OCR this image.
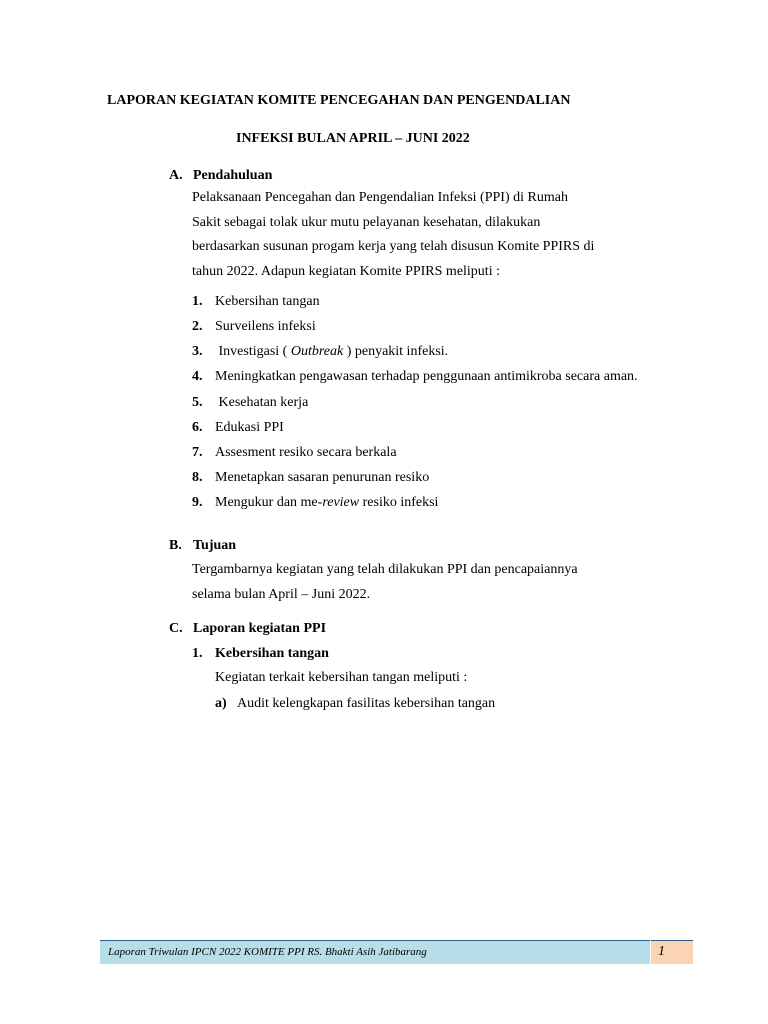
LAPORAN KEGIATAN KOMITE PENCEGAHAN DAN PENGENDALIAN
INFEKSI BULAN APRIL – JUNI 2022
A. Pendahuluan
Pelaksanaan Pencegahan dan Pengendalian Infeksi (PPI) di Rumah
Sakit sebagai tolak ukur mutu pelayanan kesehatan, dilakukan
berdasarkan susunan progam kerja yang telah disusun Komite PPIRS di
tahun 2022. Adapun kegiatan Komite PPIRS meliputi :
1. Kebersihan tangan
2. Surveilens infeksi
3. Investigasi ( Outbreak ) penyakit infeksi.
4. Meningkatkan pengawasan terhadap penggunaan antimikroba secara aman.
5. Kesehatan kerja
6. Edukasi PPI
7. Assesment resiko secara berkala
8. Menetapkan sasaran penurunan resiko
9. Mengukur dan me-review resiko infeksi
B. Tujuan
Tergambarnya kegiatan yang telah dilakukan PPI dan pencapaiannya
selama bulan April – Juni 2022.
C. Laporan kegiatan PPI
1. Kebersihan tangan
Kegiatan terkait kebersihan tangan meliputi :
a) Audit kelengkapan fasilitas kebersihan tangan
Laporan Triwulan IPCN 2022 KOMITE PPI RS. Bhakti Asih Jatibarang	1
